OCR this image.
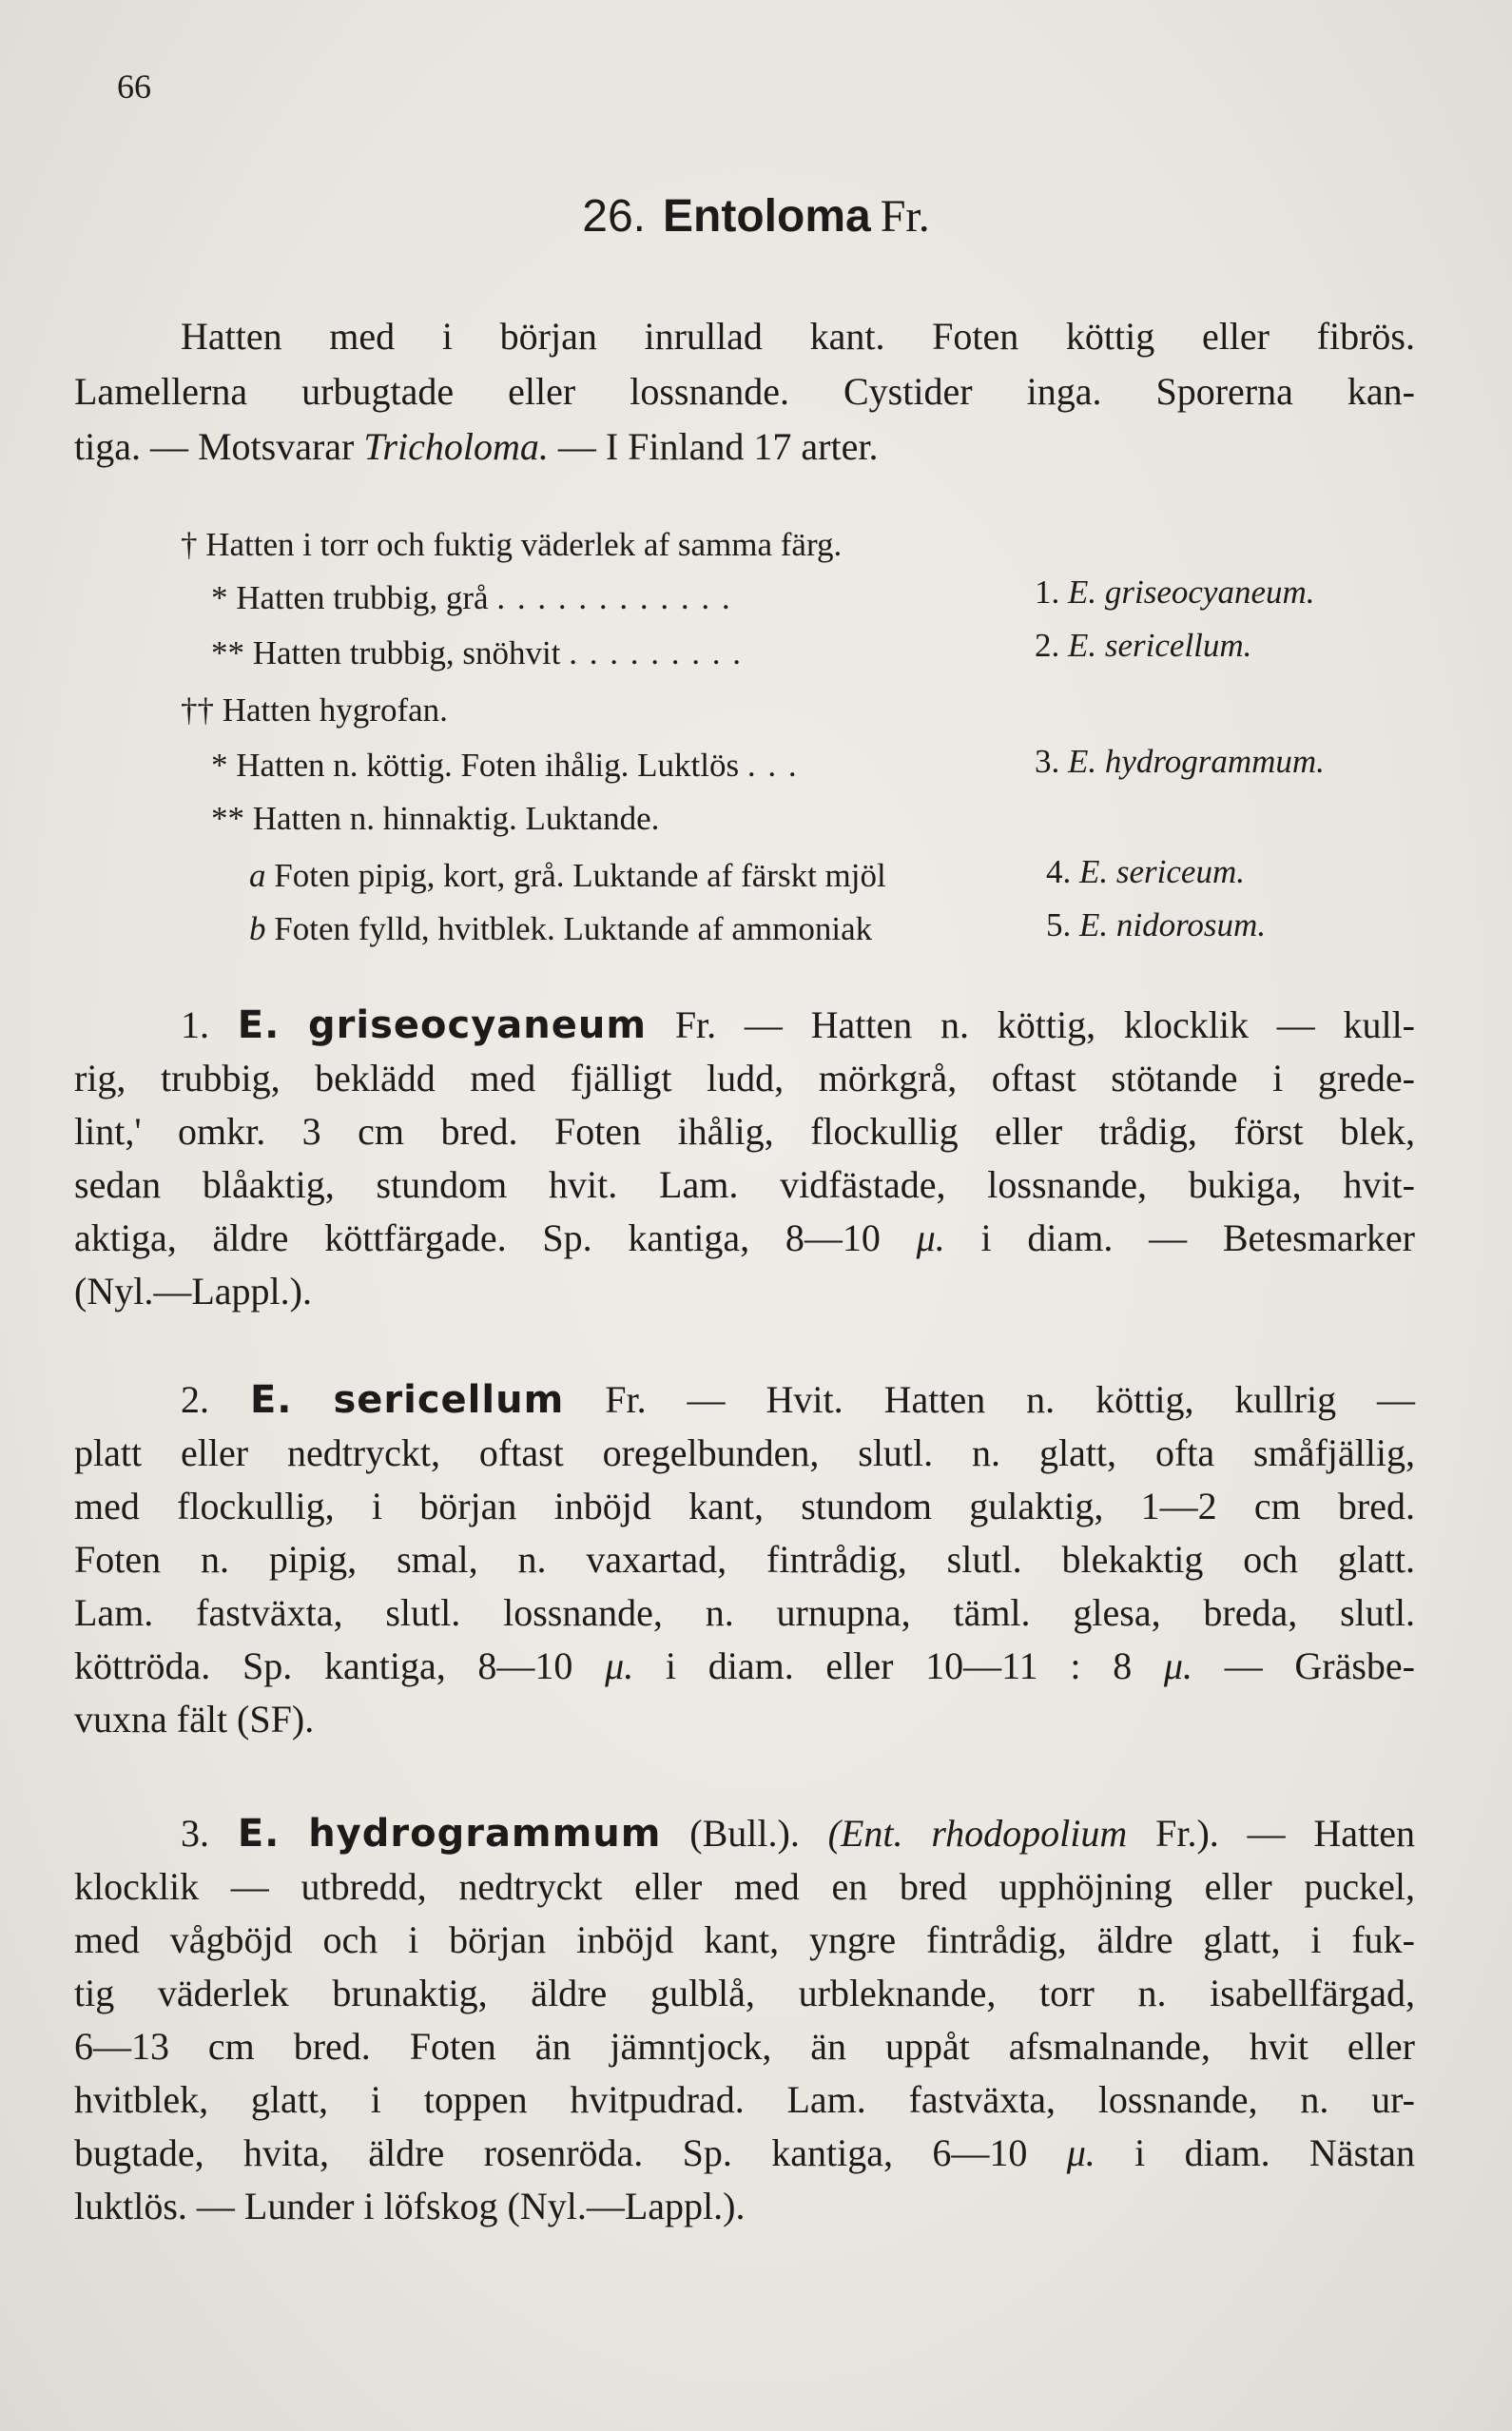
66
26. Entoloma Fr.
Hatten med i början inrullad kant. Foten köttig eller fibrös.
Lamellerna urbugtade eller lossnande. Cystider inga. Sporerna kan-
tiga. — Motsvarar Tricholoma. — I Finland 17 arter.
† Hatten i torr och fuktig väderlek af samma färg.
* Hatten trubbig, grå . . . . . . . . . . . .	1. E. griseocyaneum.
** Hatten trubbig, snöhvit . . . . . . . . .	2. E. sericellum.
†† Hatten hygrofan.
* Hatten n. köttig. Foten ihålig. Luktlös . . .	3. E. hydrogrammum.
** Hatten n. hinnaktig. Luktande.
a Foten pipig, kort, grå. Luktande af färskt mjöl	4. E. sericeum.
b Foten fylld, hvitblek. Luktande af ammoniak	5. E. nidorosum.
1. E. griseocyaneum Fr. — Hatten n. köttig, klocklik — kull-
rig, trubbig, beklädd med fjälligt ludd, mörkgrå, oftast stötande i grede-
lint,' omkr. 3 cm bred. Foten ihålig, flockullig eller trådig, först blek,
sedan blåaktig, stundom hvit. Lam. vidfästade, lossnande, bukiga, hvit-
aktiga, äldre köttfärgade. Sp. kantiga, 8—10 μ. i diam. — Betesmarker
(Nyl.—Lappl.).
2. E. sericellum Fr. — Hvit. Hatten n. köttig, kullrig —
platt eller nedtryckt, oftast oregelbunden, slutl. n. glatt, ofta småfjällig,
med flockullig, i början inböjd kant, stundom gulaktig, 1—2 cm bred.
Foten n. pipig, smal, n. vaxartad, fintrådig, slutl. blekaktig och glatt.
Lam. fastväxta, slutl. lossnande, n. urnupna, täml. glesa, breda, slutl.
köttröda. Sp. kantiga, 8—10 μ. i diam. eller 10—11 : 8 μ. — Gräsbe-
vuxna fält (SF).
3. E. hydrogrammum (Bull.). (Ent. rhodopolium Fr.). — Hatten
klocklik — utbredd, nedtryckt eller med en bred upphöjning eller puckel,
med vågböjd och i början inböjd kant, yngre fintrådig, äldre glatt, i fuk-
tig väderlek brunaktig, äldre gulblå, urbleknande, torr n. isabellfärgad,
6—13 cm bred. Foten än jämntjock, än uppåt afsmalnande, hvit eller
hvitblek, glatt, i toppen hvitpudrad. Lam. fastväxta, lossnande, n. ur-
bugtade, hvita, äldre rosenröda. Sp. kantiga, 6—10 μ. i diam. Nästan
luktlös. — Lunder i löfskog (Nyl.—Lappl.).
